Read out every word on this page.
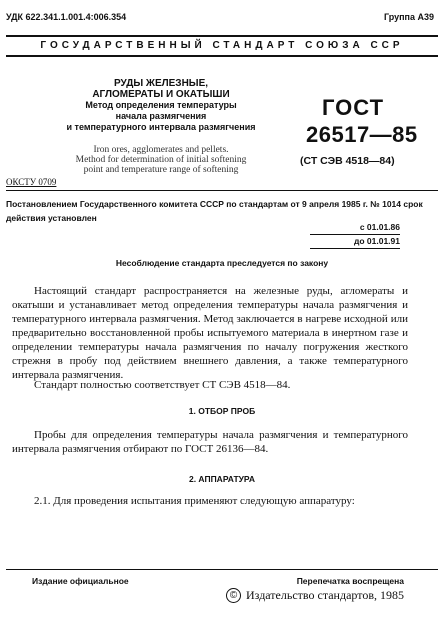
УДК 622.341.1.001.4:006.354	Группа А39
ГОСУДАРСТВЕННЫЙ СТАНДАРТ СОЮЗА ССР
РУДЫ ЖЕЛЕЗНЫЕ,
АГЛОМЕРАТЫ И ОКАТЫШИ
Метод определения температуры
начала размягчения
и температурного интервала размягчения
Iron ores, agglomerates and pellets.
Method for determination of initial softening
point and temperature range of softening
ОКСТУ 0709
ГОСТ
26517—85
(СТ СЭВ 4518—84)
Постановлением Государственного комитета СССР по стандартам от 9 апреля 1985 г. № 1014 срок действия установлен
с 01.01.86
до 01.01.91
Несоблюдение стандарта преследуется по закону
Настоящий стандарт распространяется на железные руды, агломераты и окатыши и устанавливает метод определения температуры начала размягчения и температурного интервала размягчения. Метод заключается в нагреве исходной или предварительно восстановленной пробы испытуемого материала в инертном газе и определении температуры начала размягчения по началу погружения жесткого стрежня в пробу под действием внешнего давления, а также температурного интервала размягчения.
Стандарт полностью соответствует СТ СЭВ 4518—84.
1. ОТБОР ПРОБ
Пробы для определения температуры начала размягчения и температурного интервала размягчения отбирают по ГОСТ 26136—84.
2. АППАРАТУРА
2.1. Для проведения испытания применяют следующую аппаратуру:
Издание официальное	Перепечатка воспрещена
© Издательство стандартов, 1985
